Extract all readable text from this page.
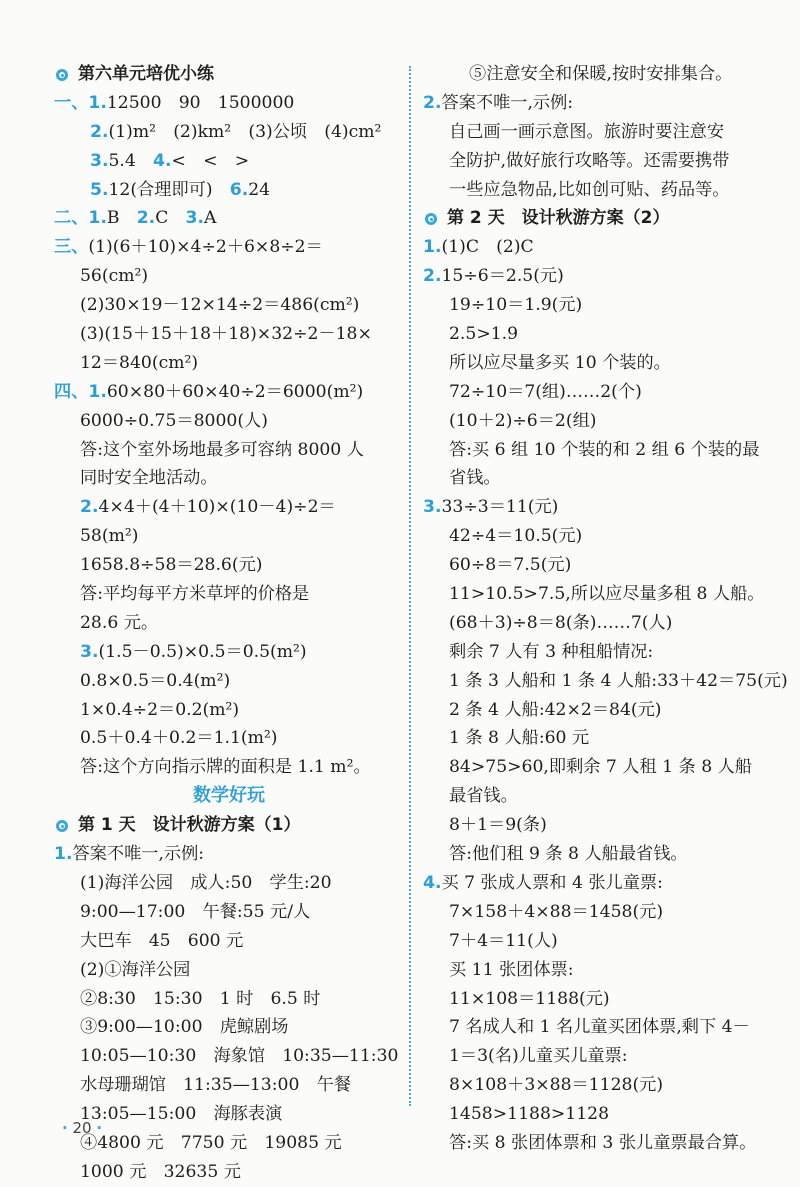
第六单元培优小练
一、1.12500　90　1500000
2.(1)m²　(2)km²　(3)公顷　(4)cm²
3.5.4　4.<　<　>
5.12(合理即可)　6.24
二、1.B　2.C　3.A
三、(1)(6＋10)×4÷2＋6×8÷2＝
56(cm²)
(2)30×19－12×14÷2＝486(cm²)
(3)(15＋15＋18＋18)×32÷2－18×
12＝840(cm²)
四、1.60×80＋60×40÷2＝6000(m²)
6000÷0.75＝8000(人)
答:这个室外场地最多可容纳 8000 人
同时安全地活动。
2.4×4＋(4＋10)×(10－4)÷2＝
58(m²)
1658.8÷58＝28.6(元)
答:平均每平方米草坪的价格是
28.6 元。
3.(1.5－0.5)×0.5＝0.5(m²)
0.8×0.5＝0.4(m²)
1×0.4÷2＝0.2(m²)
0.5＋0.4＋0.2＝1.1(m²)
答:这个方向指示牌的面积是 1.1 m²。
数学好玩
第 1 天　设计秋游方案（1）
1.答案不唯一,示例:
(1)海洋公园　成人:50　学生:20
9:00—17:00　午餐:55 元/人
大巴车　45　600 元
(2)①海洋公园
②8:30　15:30　1 时　6.5 时
③9:00—10:00　虎鲸剧场
10:05—10:30　海象馆　10:35—11:30
水母珊瑚馆　11:35—13:00　午餐
13:05—15:00　海豚表演
④4800 元　7750 元　19085 元
1000 元　32635 元
⑤注意安全和保暖,按时安排集合。
2.答案不唯一,示例:
自己画一画示意图。旅游时要注意安
全防护,做好旅行攻略等。还需要携带
一些应急物品,比如创可贴、药品等。
第 2 天　设计秋游方案（2）
1.(1)C　(2)C
2.15÷6＝2.5(元)
19÷10＝1.9(元)
2.5>1.9
所以应尽量多买 10 个装的。
72÷10＝7(组)……2(个)
(10＋2)÷6＝2(组)
答:买 6 组 10 个装的和 2 组 6 个装的最
省钱。
3.33÷3＝11(元)
42÷4＝10.5(元)
60÷8＝7.5(元)
11>10.5>7.5,所以应尽量多租 8 人船。
(68＋3)÷8＝8(条)……7(人)
剩余 7 人有 3 种租船情况:
1 条 3 人船和 1 条 4 人船:33＋42＝75(元)
2 条 4 人船:42×2＝84(元)
1 条 8 人船:60 元
84>75>60,即剩余 7 人租 1 条 8 人船
最省钱。
8＋1＝9(条)
答:他们租 9 条 8 人船最省钱。
4.买 7 张成人票和 4 张儿童票:
7×158＋4×88＝1458(元)
7＋4＝11(人)
买 11 张团体票:
11×108＝1188(元)
7 名成人和 1 名儿童买团体票,剩下 4－
1＝3(名)儿童买儿童票:
8×108＋3×88＝1128(元)
1458>1188>1128
答:买 8 张团体票和 3 张儿童票最合算。
· 20 ·
